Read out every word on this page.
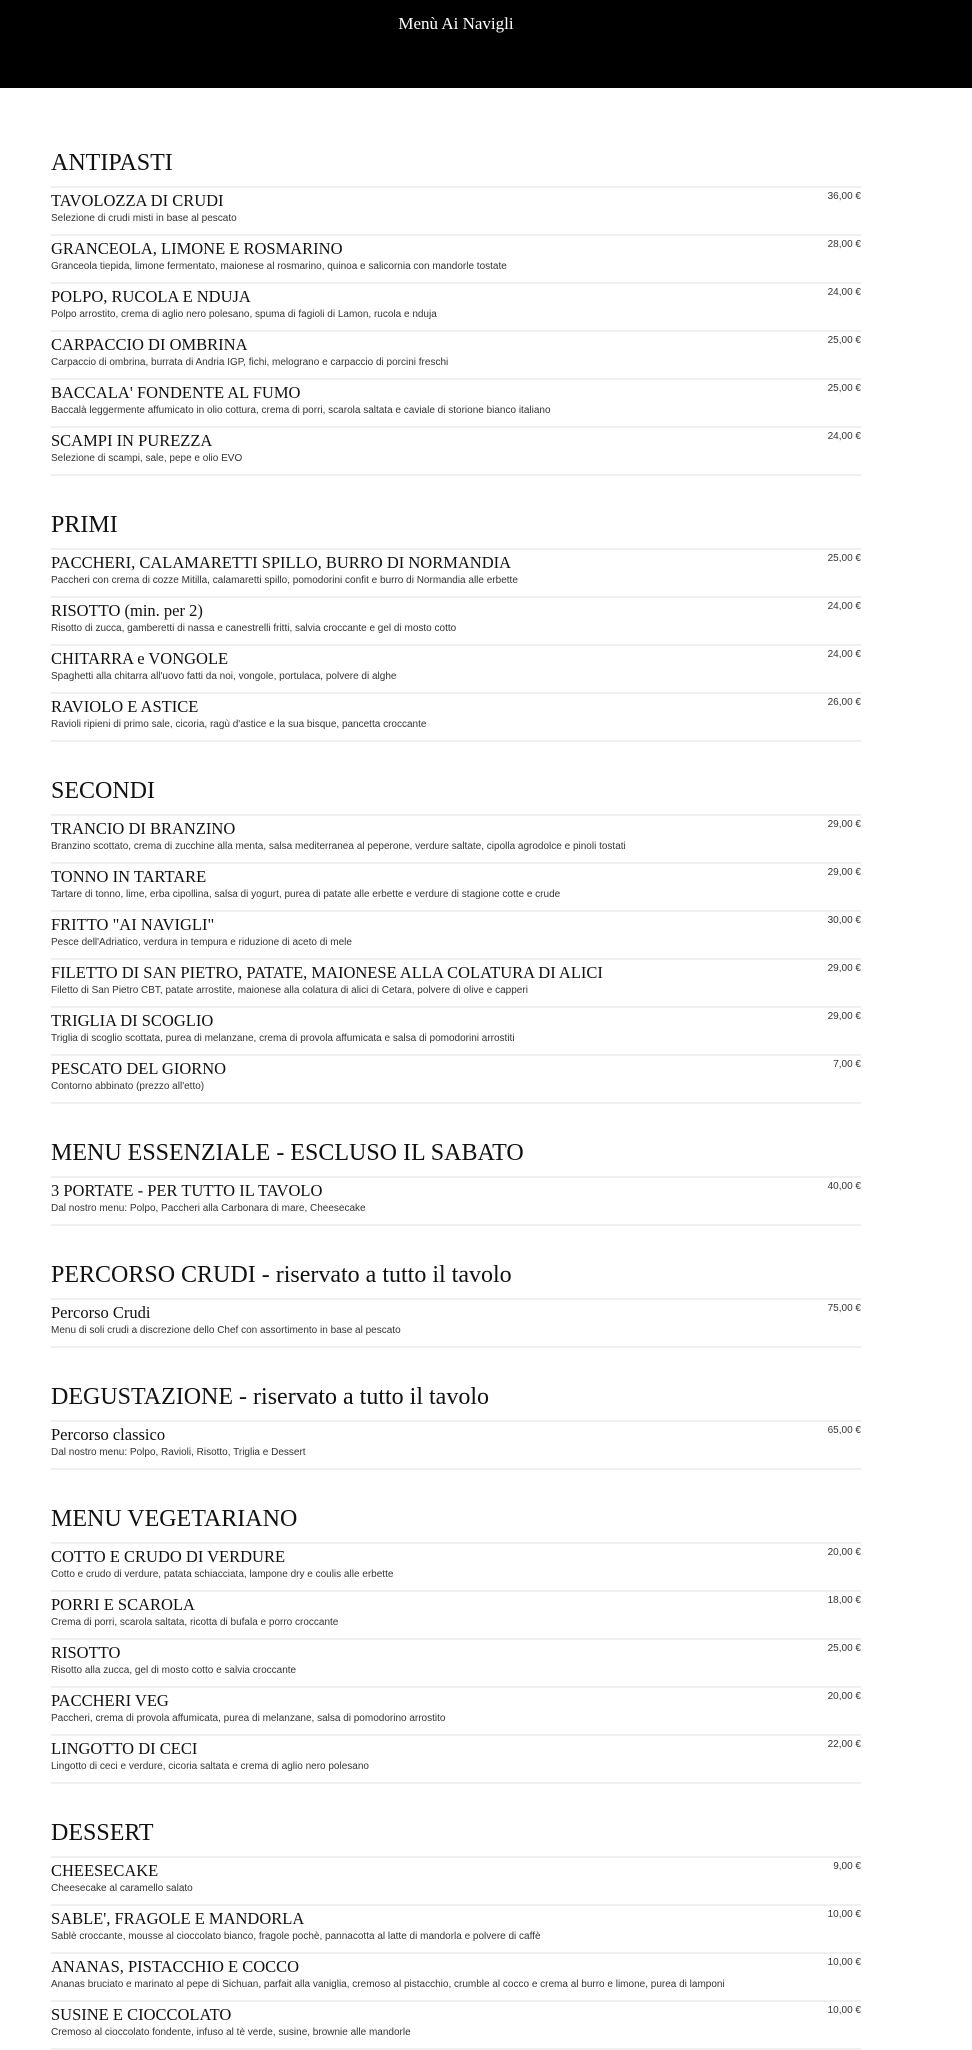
Menù Ai Navigli
ANTIPASTI
TAVOLOZZA DI CRUDI
Selezione di crudi misti in base al pescato
36,00 €
GRANCEOLA, LIMONE E ROSMARINO
Granceola tiepida, limone fermentato, maionese al rosmarino, quinoa e salicornia con mandorle tostate
28,00 €
POLPO, RUCOLA E NDUJA
Polpo arrostito, crema di aglio nero polesano, spuma di fagioli di Lamon, rucola e nduja
24,00 €
CARPACCIO DI OMBRINA
Carpaccio di ombrina, burrata di Andria IGP, fichi, melograno e carpaccio di porcini freschi
25,00 €
BACCALA' FONDENTE AL FUMO
Baccalà leggermente affumicato in olio cottura, crema di porri, scarola saltata e caviale di storione bianco italiano
25,00 €
SCAMPI IN PUREZZA
Selezione di scampi, sale, pepe e olio EVO
24,00 €
PRIMI
PACCHERI, CALAMARETTI SPILLO, BURRO DI NORMANDIA
Paccheri con crema di cozze Mitilla, calamaretti spillo, pomodorini confit e burro di Normandia alle erbette
25,00 €
RISOTTO (min. per 2)
Risotto di zucca, gamberetti di nassa e canestrelli fritti, salvia croccante e gel di mosto cotto
24,00 €
CHITARRA e VONGOLE
Spaghetti alla chitarra all'uovo fatti da noi, vongole, portulaca, polvere di alghe
24,00 €
RAVIOLO E ASTICE
Ravioli ripieni di primo sale, cicoria, ragù d'astice e la sua bisque, pancetta croccante
26,00 €
SECONDI
TRANCIO DI BRANZINO
Branzino scottato, crema di zucchine alla menta, salsa mediterranea al peperone, verdure saltate, cipolla agrodolce e pinoli tostati
29,00 €
TONNO IN TARTARE
Tartare di tonno, lime, erba cipollina, salsa di yogurt, purea di patate alle erbette e verdure di stagione cotte e crude
29,00 €
FRITTO "AI NAVIGLI"
Pesce dell'Adriatico, verdura in tempura e riduzione di aceto di mele
30,00 €
FILETTO DI SAN PIETRO, PATATE, MAIONESE ALLA COLATURA DI ALICI
Filetto di San Pietro CBT, patate arrostite, maionese alla colatura di alici di Cetara, polvere di olive e capperi
29,00 €
TRIGLIA DI SCOGLIO
Triglia di scoglio scottata, purea di melanzane, crema di provola affumicata e salsa di pomodorini arrostiti
29,00 €
PESCATO DEL GIORNO
Contorno abbinato (prezzo all'etto)
7,00 €
MENU ESSENZIALE - ESCLUSO IL SABATO
3 PORTATE - PER TUTTO IL TAVOLO
Dal nostro menu: Polpo, Paccheri alla Carbonara di mare, Cheesecake
40,00 €
PERCORSO CRUDI - riservato a tutto il tavolo
Percorso Crudi
Menu di soli crudi a discrezione dello Chef con assortimento in base al pescato
75,00 €
DEGUSTAZIONE - riservato a tutto il tavolo
Percorso classico
Dal nostro menu: Polpo, Ravioli, Risotto, Triglia e Dessert
65,00 €
MENU VEGETARIANO
COTTO E CRUDO DI VERDURE
Cotto e crudo di verdure, patata schiacciata, lampone dry e coulis alle erbette
20,00 €
PORRI E SCAROLA
Crema di porri, scarola saltata, ricotta di bufala e porro croccante
18,00 €
RISOTTO
Risotto alla zucca, gel di mosto cotto e salvia croccante
25,00 €
PACCHERI VEG
Paccheri, crema di provola affumicata, purea di melanzane, salsa di pomodorino arrostito
20,00 €
LINGOTTO DI CECI
Lingotto di ceci e verdure, cicoria saltata e crema di aglio nero polesano
22,00 €
DESSERT
CHEESECAKE
Cheesecake al caramello salato
9,00 €
SABLE', FRAGOLE E MANDORLA
Sablè croccante, mousse al cioccolato bianco, fragole pochè, pannacotta al latte di mandorla e polvere di caffè
10,00 €
ANANAS, PISTACCHIO E COCCO
Ananas bruciato e marinato al pepe di Sichuan, parfait alla vaniglia, cremoso al pistacchio, crumble al cocco e crema al burro e limone, purea di lamponi
10,00 €
SUSINE E CIOCCOLATO
Cremoso al cioccolato fondente, infuso al tè verde, susine, brownie alle mandorle
10,00 €
